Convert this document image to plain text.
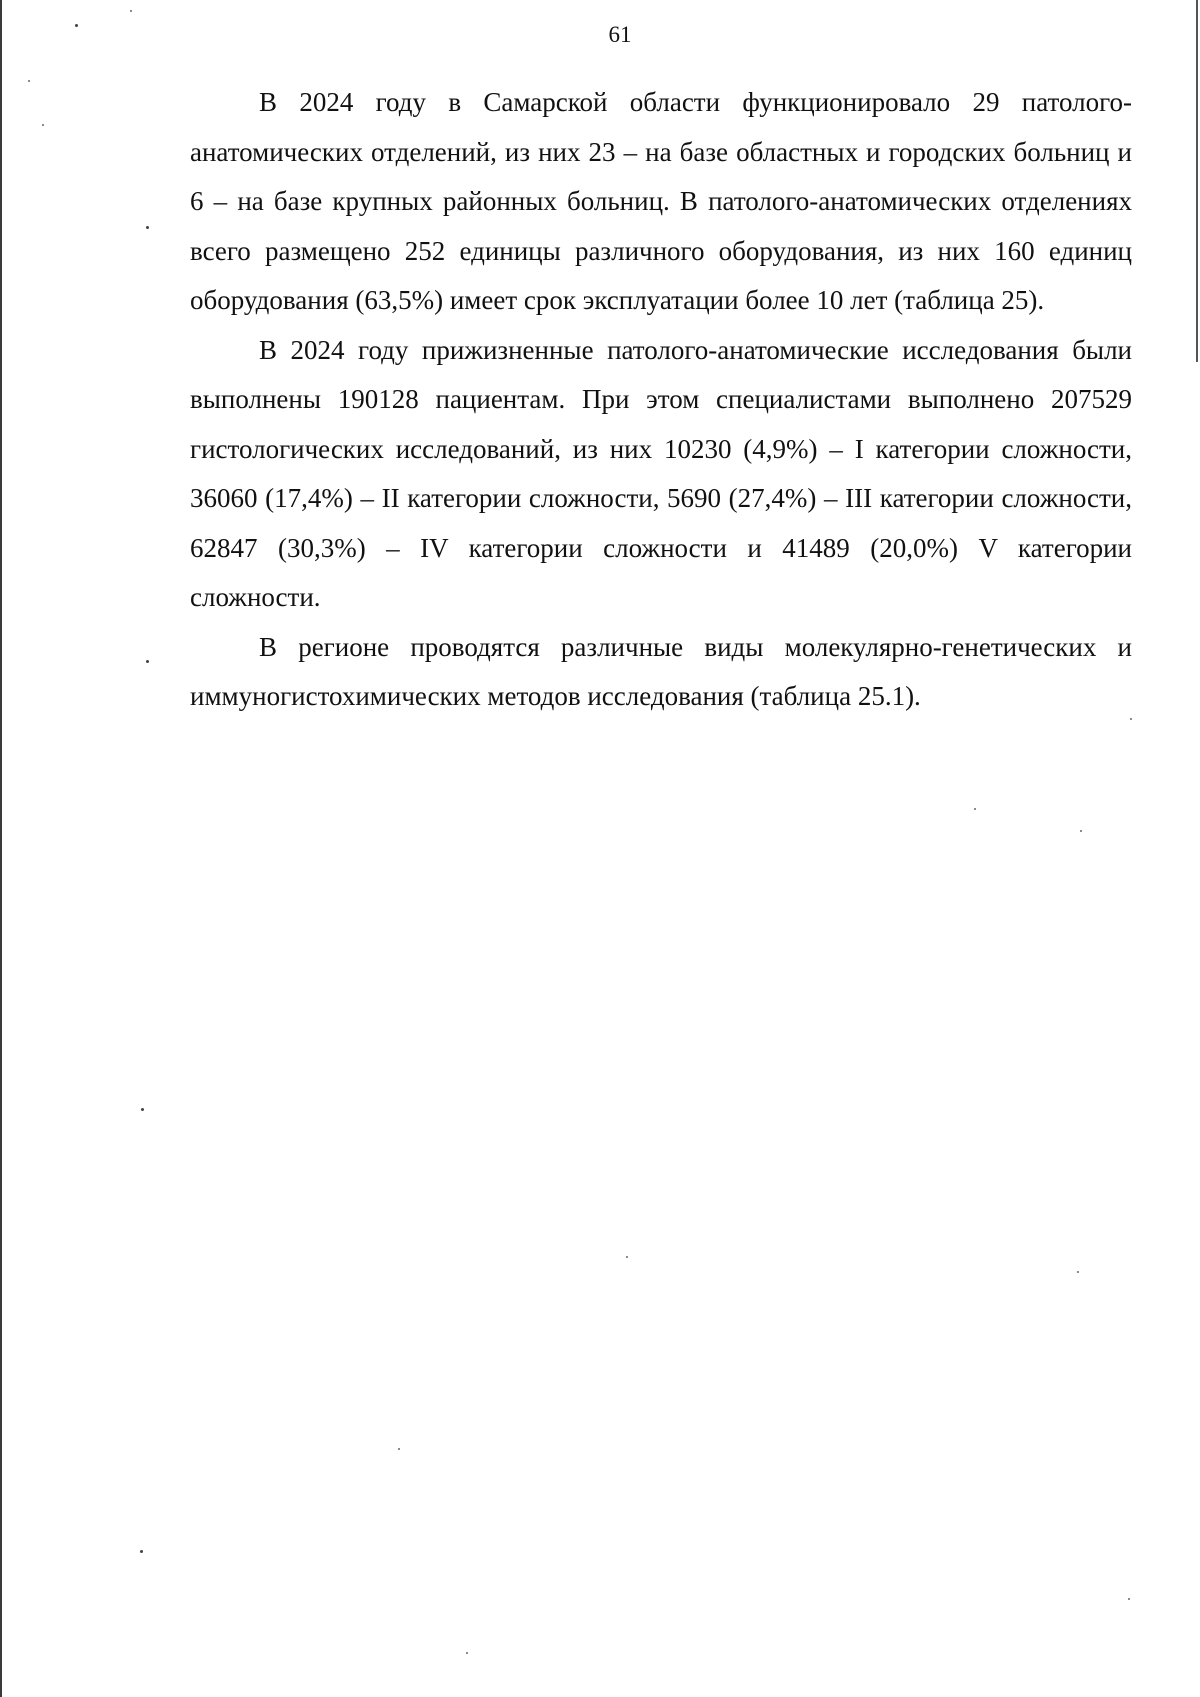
61

В 2024 году в Самарской области функционировало 29 патолого-анатомических отделений, из них 23 – на базе областных и городских больниц и 6 – на базе крупных районных больниц. В патолого-анатомических отделениях всего размещено 252 единицы различного оборудования, из них 160 единиц оборудования (63,5%) имеет срок эксплуатации более 10 лет (таблица 25).

В 2024 году прижизненные патолого-анатомические исследования были выполнены 190128 пациентам. При этом специалистами выполнено 207529 гистологических исследований, из них 10230 (4,9%) – I категории сложности, 36060 (17,4%) – II категории сложности, 5690 (27,4%) – III категории сложности, 62847 (30,3%) – IV категории сложности и 41489 (20,0%) V категории сложности.

В регионе проводятся различные виды молекулярно-генетических и иммуногистохимических методов исследования (таблица 25.1).
